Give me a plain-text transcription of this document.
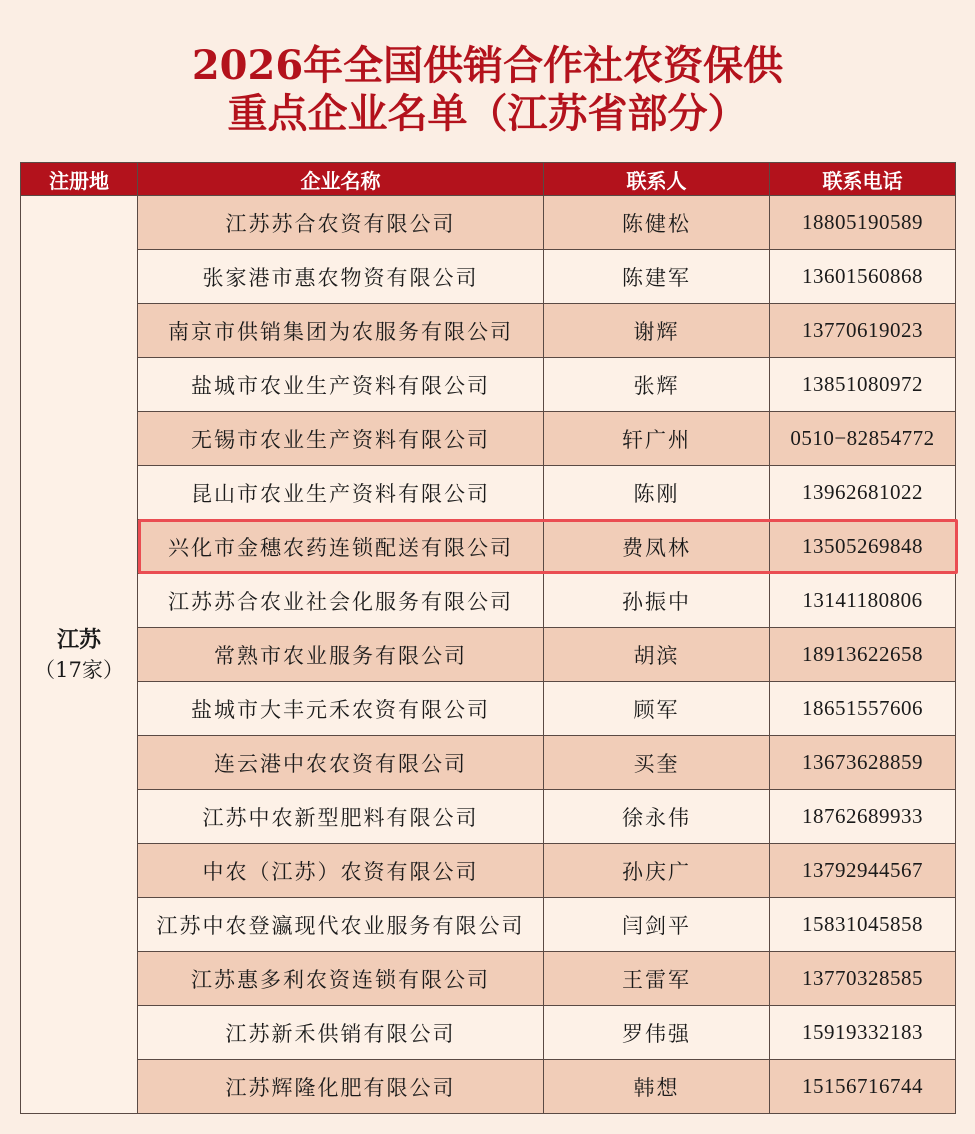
2026年全国供销合作社农资保供
重点企业名单（江苏省部分）
注册地	企业名称	联系人	联系电话

江苏
（17家）	江苏苏合农资有限公司	陈健松	18805190589
	张家港市惠农物资有限公司	陈建军	13601560868
	南京市供销集团为农服务有限公司	谢辉	13770619023
	盐城市农业生产资料有限公司	张辉	13851080972
	无锡市农业生产资料有限公司	轩广州	0510−82854772
	昆山市农业生产资料有限公司	陈刚	13962681022
	兴化市金穗农药连锁配送有限公司	费凤林	13505269848
	江苏苏合农业社会化服务有限公司	孙振中	13141180806
	常熟市农业服务有限公司	胡滨	18913622658
	盐城市大丰元禾农资有限公司	顾军	18651557606
	连云港中农农资有限公司	买奎	13673628859
	江苏中农新型肥料有限公司	徐永伟	18762689933
	中农（江苏）农资有限公司	孙庆广	13792944567
	江苏中农登瀛现代农业服务有限公司	闫剑平	15831045858
	江苏惠多利农资连锁有限公司	王雷军	13770328585
	江苏新禾供销有限公司	罗伟强	15919332183
	江苏辉隆化肥有限公司	韩想	15156716744
